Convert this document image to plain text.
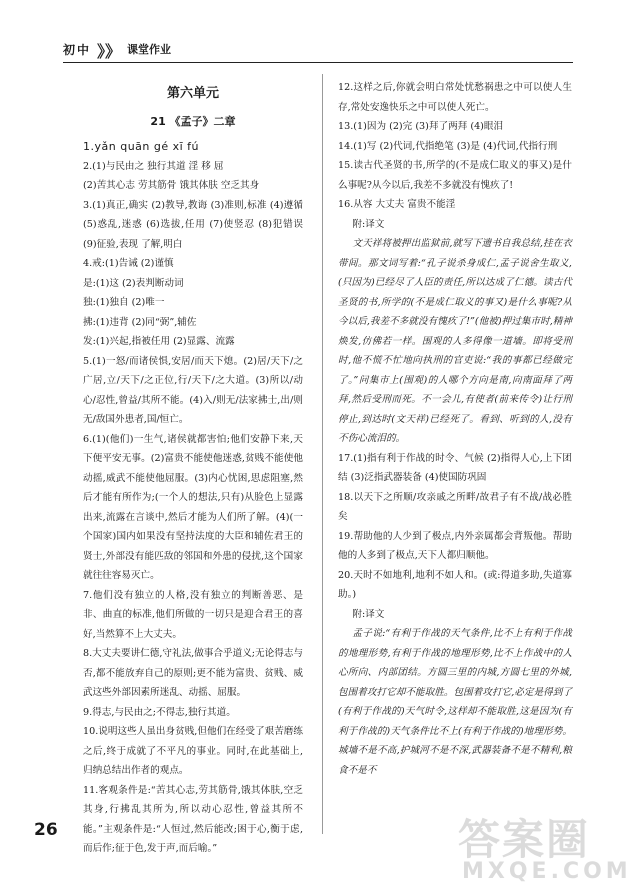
初中 》》 课堂作业
第六单元
21 《孟子》二章

1.yǎn quān gé xī fú

2.(1)与民由之 独行其道 淫 移 屈

(2)苦其心志 劳其筋骨 饿其体肤 空乏其身

3.(1)真正,确实 (2)教导,教诲 (3)准则,标准 (4)遵循 (5)惑乱,迷惑 (6)选拔,任用 (7)使竖忍 (8)犯错误 (9)征验,表现 了解,明白

4.戒:(1)告诫 (2)谨慎

是:(1)这 (2)表判断动词

独:(1)独自 (2)唯一

拂:(1)违背 (2)同“弼”,辅佐

发:(1)兴起,指被任用 (2)显露、流露

5.(1)一怒/而诸侯惧,安居/而天下熄。(2)居/天下/之广居,立/天下/之正位,行/天下/之大道。(3)所以/动心/忍性,曾益/其所不能。(4)入/则无/法家拂士,出/则无/敌国外患者,国/恒亡。

6.(1)(他们)一生气,诸侯就都害怕;他们安静下来,天下便平安无事。(2)富贵不能使他迷惑,贫贱不能使他动摇,威武不能使他屈服。(3)内心忧困,思虑阻塞,然后才能有所作为;(一个人的想法,只有)从脸色上显露出来,流露在言谈中,然后才能为人们所了解。(4)(一个国家)国内如果没有坚持法度的大臣和辅佐君王的贤士,外部没有能匹敌的邻国和外患的侵扰,这个国家就往往容易灭亡。

7.他们没有独立的人格,没有独立的判断善恶、是非、曲直的标准,他们所做的一切只是迎合君王的喜好,当然算不上大丈夫。

8.大丈夫要讲仁德,守礼法,做事合乎道义;无论得志与否,都不能放弃自己的原则;更不能为富贵、贫贱、威武这些外部因素所迷乱、动摇、屈服。

9.得志,与民由之;不得志,独行其道。

10.说明这些人虽出身贫贱,但他们在经受了艰苦磨练之后,终于成就了不平凡的事业。同时,在此基础上,归纳总结出作者的观点。

11.客观条件是:“苦其心志,劳其筋骨,饿其体肤,空乏其身,行拂乱其所为,所以动心忍性,曾益其所不能。”主观条件是:“人恒过,然后能改;困于心,衡于虑,而后作;征于色,发于声,而后喻。”

12.这样之后,你就会明白常处忧愁祸患之中可以使人生存,常处安逸快乐之中可以使人死亡。

13.(1)因为 (2)完 (3)拜了两拜 (4)眼泪

14.(1)写 (2)代词,代指绝笔 (3)是 (4)代词,代指行刑

15.读古代圣贤的书,所学的(不是成仁取义的事又)是什么事呢?从今以后,我差不多就没有愧疚了!

16.从容 大丈夫 富贵不能淫

附:译文

文天祥将被押出监狱前,就写下遗书自我总结,挂在衣带间。那文词写着:“孔子说杀身成仁,孟子说舍生取义,(只因为)已经尽了人臣的责任,所以达成了仁德。读古代圣贤的书,所学的(不是成仁取义的事又)是什么事呢?从今以后,我差不多就没有愧疚了!”(他被)押过集市时,精神焕发,仿佛若一样。围观的人多得像一道墙。即将受刑时,他不慌不忙地向执刑的官吏说:“我的事都已经做完了。”问集市上(围观)的人哪个方向是南,向南面拜了两拜,然后受刑而死。不一会儿,有使者(前来传令)让行刑停止,到达时(文天祥)已经死了。看到、听到的人,没有不伤心流泪的。

17.(1)指有利于作战的时令、气候 (2)指得人心,上下团结 (3)泛指武器装备 (4)使国防巩固

18.以天下之所顺/攻亲戚之所畔/故君子有不战/战必胜矣

19.帮助他的人少到了极点,内外亲属都会背叛他。帮助他的人多到了极点,天下人都归顺他。

20.天时不如地利,地利不如人和。(或:得道多助,失道寡助。)

附:译文

孟子说:“有利于作战的天气条件,比不上有利于作战的地理形势,有利于作战的地理形势,比不上作战中的人心所向、内部团结。方圆三里的内城,方圆七里的外城,包围着攻打它却不能取胜。包围着攻打它,必定是得到了(有利于作战的)天气时令,这样却不能取胜,这是因为(有利于作战的)天气条件比不上(有利于作战的)地理形势。城墙不是不高,护城河不是不深,武器装备不是不精利,粮食不是不

26	答案圈
MXQE.COM
